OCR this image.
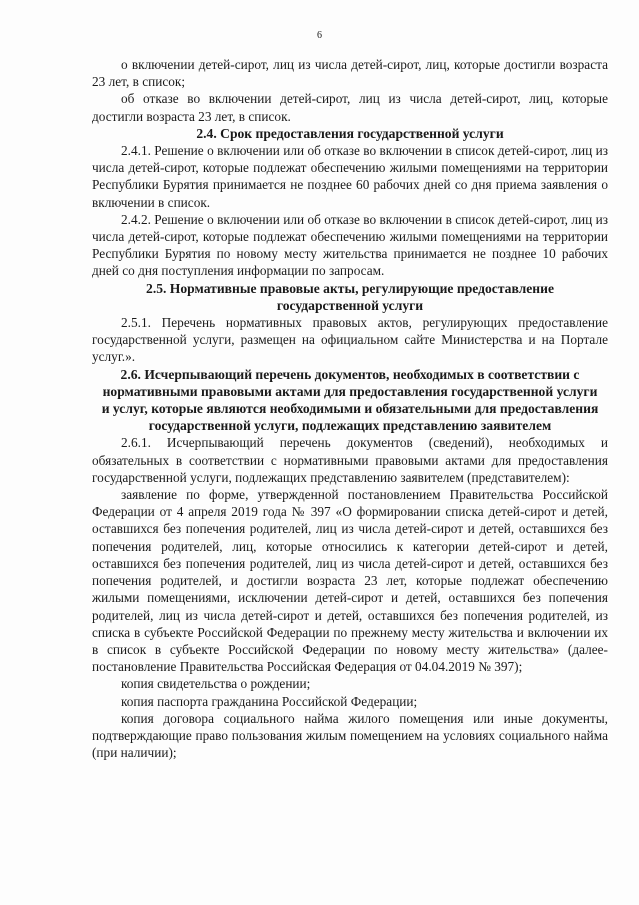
6

о включении детей-сирот, лиц из числа детей-сирот, лиц, которые достигли возраста 23 лет, в список;

об отказе во включении детей-сирот, лиц из числа детей-сирот, лиц, которые достигли возраста 23 лет, в список.

2.4. Срок предоставления государственной услуги

2.4.1. Решение о включении или об отказе во включении в список детей-сирот, лиц из числа детей-сирот, которые подлежат обеспечению жилыми помещениями на территории Республики Бурятия принимается не позднее 60 рабочих дней со дня приема заявления о включении в список.

2.4.2. Решение о включении или об отказе во включении в список детей-сирот, лиц из числа детей-сирот, которые подлежат обеспечению жилыми помещениями на территории Республики Бурятия по новому месту жительства принимается не позднее 10 рабочих дней со дня поступления информации по запросам.

2.5. Нормативные правовые акты, регулирующие предоставление государственной услуги

2.5.1. Перечень нормативных правовых актов, регулирующих предоставление государственной услуги, размещен на официальном сайте Министерства и на Портале услуг.».

2.6. Исчерпывающий перечень документов, необходимых в соответствии с нормативными правовыми актами для предоставления государственной услуги и услуг, которые являются необходимыми и обязательными для предоставления государственной услуги, подлежащих представлению заявителем

2.6.1. Исчерпывающий перечень документов (сведений), необходимых и обязательных в соответствии с нормативными правовыми актами для предоставления государственной услуги, подлежащих представлению заявителем (представителем):

заявление по форме, утвержденной постановлением Правительства Российской Федерации от 4 апреля 2019 года № 397 «О формировании списка детей-сирот и детей, оставшихся без попечения родителей, лиц из числа детей-сирот и детей, оставшихся без попечения родителей, лиц, которые относились к категории детей-сирот и детей, оставшихся без попечения родителей, лиц из числа детей-сирот и детей, оставшихся без попечения родителей, и достигли возраста 23 лет, которые подлежат обеспечению жилыми помещениями, исключении детей-сирот и детей, оставшихся без попечения родителей, лиц из числа детей-сирот и детей, оставшихся без попечения родителей, из списка в субъекте Российской Федерации по прежнему месту жительства и включении их в список в субъекте Российской Федерации по новому месту жительства» (далее- постановление Правительства Российская Федерация от 04.04.2019 № 397);

копия свидетельства о рождении;

копия паспорта гражданина Российской Федерации;

копия договора социального найма жилого помещения или иные документы, подтверждающие право пользования жилым помещением на условиях социального найма (при наличии);
